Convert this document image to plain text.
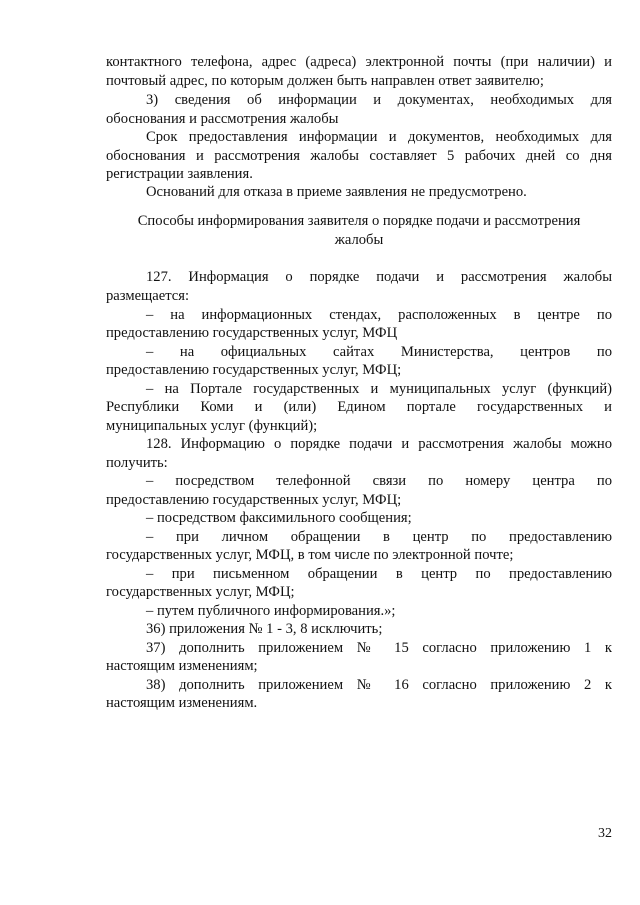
контактного телефона, адрес (адреса) электронной почты (при наличии) и
почтовый адрес, по которым должен быть направлен ответ заявителю;
3) сведения об информации и документах, необходимых для
обоснования и рассмотрения жалобы
Срок предоставления информации и документов, необходимых для
обоснования и рассмотрения жалобы составляет 5 рабочих дней со дня
регистрации заявления.
Оснований для отказа в приеме заявления не предусмотрено.
Способы информирования заявителя о порядке подачи и рассмотрения
жалобы
127. Информация о порядке подачи и рассмотрения жалобы
размещается:
– на информационных стендах, расположенных в центре по
предоставлению государственных услуг, МФЦ
– на официальных сайтах Министерства, центров по
предоставлению государственных услуг, МФЦ;
– на Портале государственных и муниципальных услуг (функций)
Республики Коми и (или) Едином портале государственных и
муниципальных услуг (функций);
128. Информацию о порядке подачи и рассмотрения жалобы можно
получить:
– посредством телефонной связи по номеру центра по
предоставлению государственных услуг, МФЦ;
– посредством факсимильного сообщения;
– при личном обращении в центр по предоставлению
государственных услуг, МФЦ, в том числе по электронной почте;
– при письменном обращении в центр по предоставлению
государственных услуг, МФЦ;
– путем публичного информирования.»;
36) приложения № 1 - 3, 8 исключить;
37) дополнить приложением № 15 согласно приложению 1 к
настоящим изменениям;
38) дополнить приложением № 16 согласно приложению 2 к
настоящим изменениям.
32
